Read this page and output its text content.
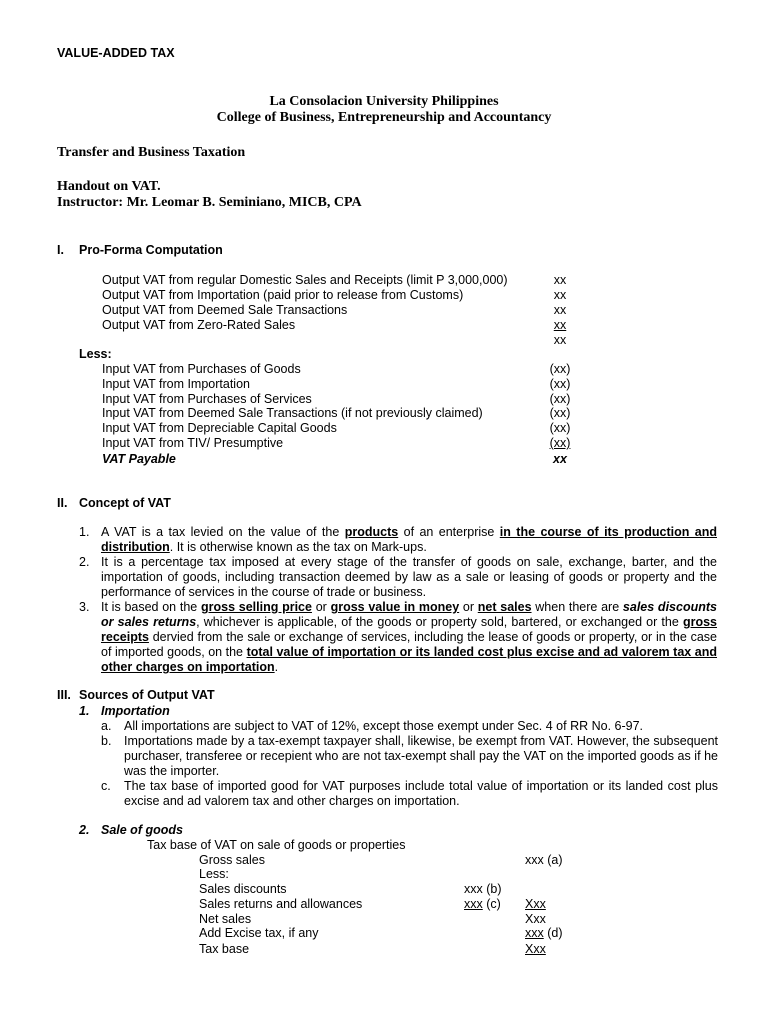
VALUE-ADDED TAX
La Consolacion University Philippines
College of Business, Entrepreneurship and Accountancy
Transfer and Business Taxation
Handout on VAT.
Instructor: Mr. Leomar B. Seminiano, MICB, CPA
I. Pro-Forma Computation
Output VAT from regular Domestic Sales and Receipts (limit P 3,000,000)	xx
Output VAT from Importation (paid prior to release from Customs)	xx
Output VAT from Deemed Sale Transactions	xx
Output VAT from Zero-Rated Sales	xx
xx
Less:
Input VAT from Purchases of Goods	(xx)
Input VAT from Importation	(xx)
Input VAT from Purchases of Services	(xx)
Input VAT from Deemed Sale Transactions (if not previously claimed)	(xx)
Input VAT from Depreciable Capital Goods	(xx)
Input VAT from TIV/ Presumptive	(xx)
VAT Payable	xx
II. Concept of VAT
1. A VAT is a tax levied on the value of the products of an enterprise in the course of its production and distribution. It is otherwise known as the tax on Mark-ups.
2. It is a percentage tax imposed at every stage of the transfer of goods on sale, exchange, barter, and the importation of goods, including transaction deemed by law as a sale or leasing of goods or property and the performance of services in the course of trade or business.
3. It is based on the gross selling price or gross value in money or net sales when there are sales discounts or sales returns, whichever is applicable, of the goods or property sold, bartered, or exchanged or the gross receipts dervied from the sale or exchange of services, including the lease of goods or property, or in the case of imported goods, on the total value of importation or its landed cost plus excise and ad valorem tax and other charges on importation.
III. Sources of Output VAT
1. Importation
a. All importations are subject to VAT of 12%, except those exempt under Sec. 4 of RR No. 6-97.
b. Importations made by a tax-exempt taxpayer shall, likewise, be exempt from VAT. However, the subsequent purchaser, transferee or recepient who are not tax-exempt shall pay the VAT on the imported goods as if he was the importer.
c. The tax base of imported good for VAT purposes include total value of importation or its landed cost plus excise and ad valorem tax and other charges on importation.
2. Sale of goods
Tax base of VAT on sale of goods or properties
Gross sales	xxx (a)
Less:
Sales discounts	xxx (b)
Sales returns and allowances	xxx (c) Xxx
Net sales	Xxx
Add Excise tax, if any	xxx (d)
Tax base	Xxx
